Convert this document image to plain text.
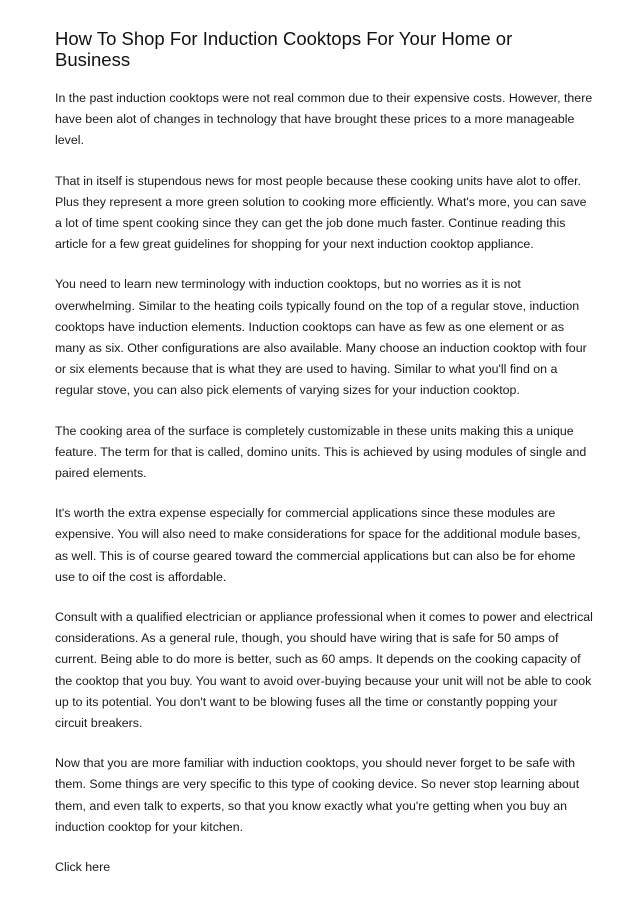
How To Shop For Induction Cooktops For Your Home or Business

In the past induction cooktops were not real common due to their expensive costs. However, there have been alot of changes in technology that have brought these prices to a more manageable level.

That in itself is stupendous news for most people because these cooking units have alot to offer. Plus they represent a more green solution to cooking more efficiently. What's more, you can save a lot of time spent cooking since they can get the job done much faster. Continue reading this article for a few great guidelines for shopping for your next induction cooktop appliance.

You need to learn new terminology with induction cooktops, but no worries as it is not overwhelming. Similar to the heating coils typically found on the top of a regular stove, induction cooktops have induction elements. Induction cooktops can have as few as one element or as many as six. Other configurations are also available. Many choose an induction cooktop with four or six elements because that is what they are used to having. Similar to what you'll find on a regular stove, you can also pick elements of varying sizes for your induction cooktop.

The cooking area of the surface is completely customizable in these units making this a unique feature. The term for that is called, domino units. This is achieved by using modules of single and paired elements.

It's worth the extra expense especially for commercial applications since these modules are expensive. You will also need to make considerations for space for the additional module bases, as well. This is of course geared toward the commercial applications but can also be for ehome use to oif the cost is affordable.

Consult with a qualified electrician or appliance professional when it comes to power and electrical considerations. As a general rule, though, you should have wiring that is safe for 50 amps of current. Being able to do more is better, such as 60 amps. It depends on the cooking capacity of the cooktop that you buy. You want to avoid over-buying because your unit will not be able to cook up to its potential. You don't want to be blowing fuses all the time or constantly popping your circuit breakers.

Now that you are more familiar with induction cooktops, you should never forget to be safe with them. Some things are very specific to this type of cooking device. So never stop learning about them, and even talk to experts, so that you know exactly what you're getting when you buy an induction cooktop for your kitchen.

Click here
